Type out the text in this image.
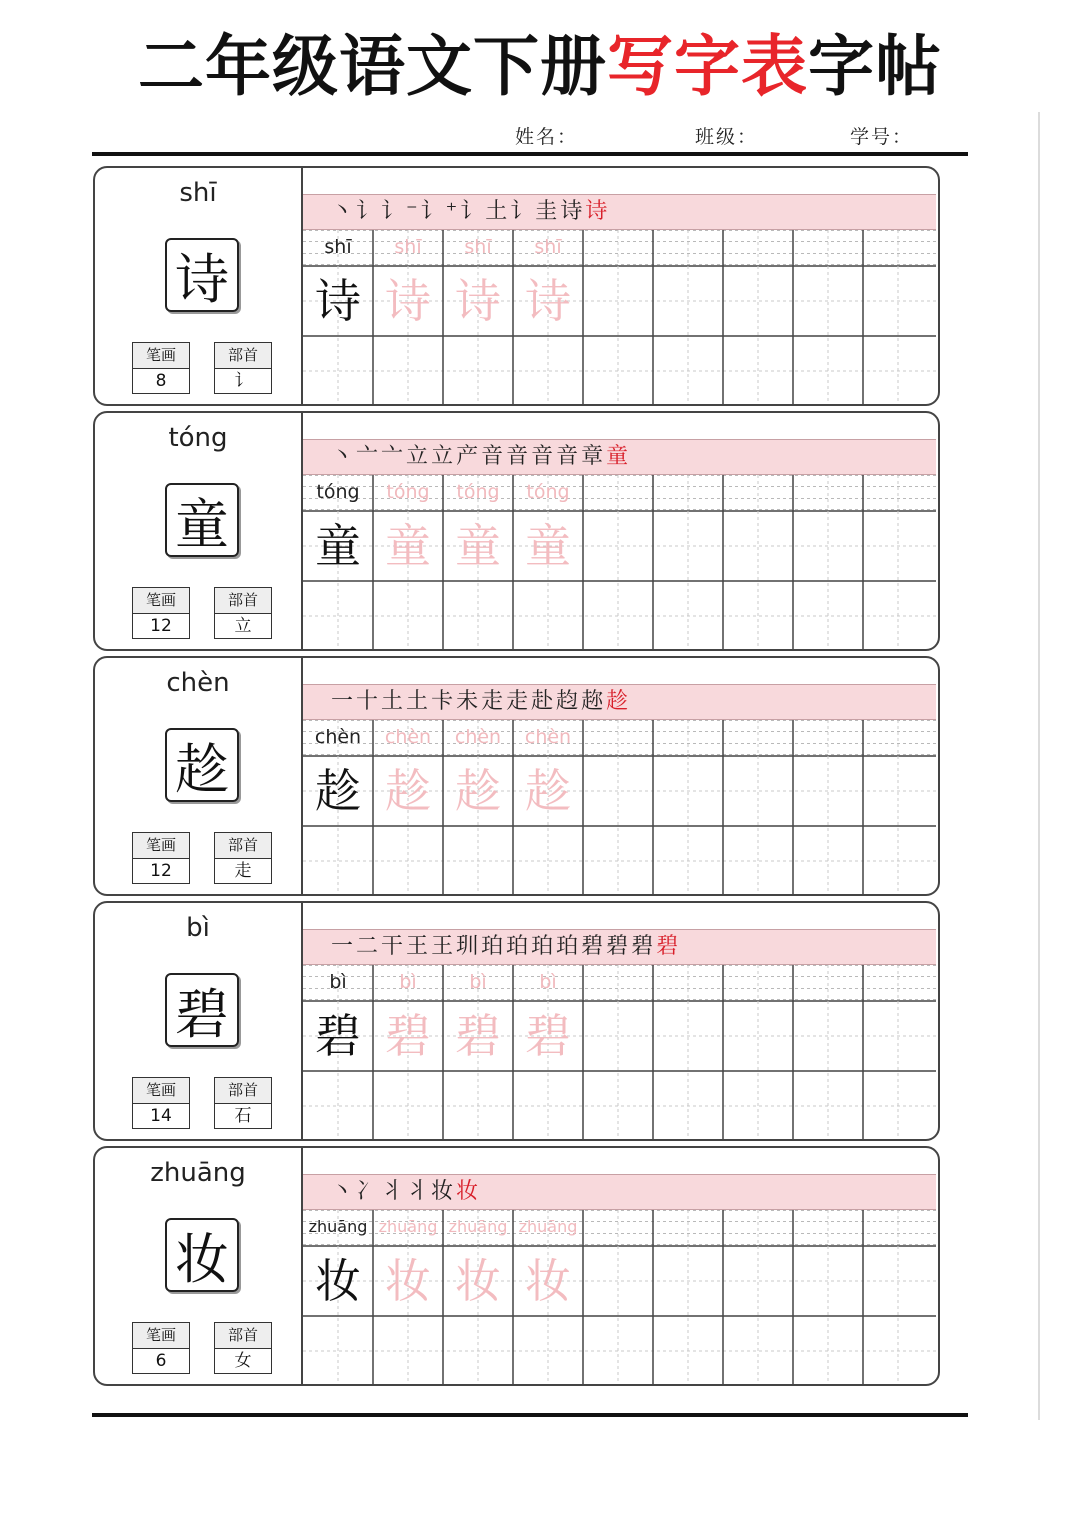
二年级语文下册写字表字帖
姓名：	班级：	学号：
shī
诗
笔画
8
部首
讠
丶讠讠⁻讠⁺讠土讠圭诗诗
shī
诗
shī
诗
shī
诗
shī
诗
tóng
童
笔画
12
部首
立
丶亠亠立立产音音音音章童
tóng
童
tóng
童
tóng
童
tóng
童
chèn
趁
笔画
12
部首
走
一十土土卡未走走赴赹趂趁
chèn
趁
chèn
趁
chèn
趁
chèn
趁
bì
碧
笔画
14
部首
石
一二干王王玔珀珀珀珀碧碧碧碧
bì
碧
bì
碧
bì
碧
bì
碧
zhuāng
妆
笔画
6
部首
女
丶冫丬丬妆妆
zhuāng
妆
zhuāng
妆
zhuāng
妆
zhuāng
妆
